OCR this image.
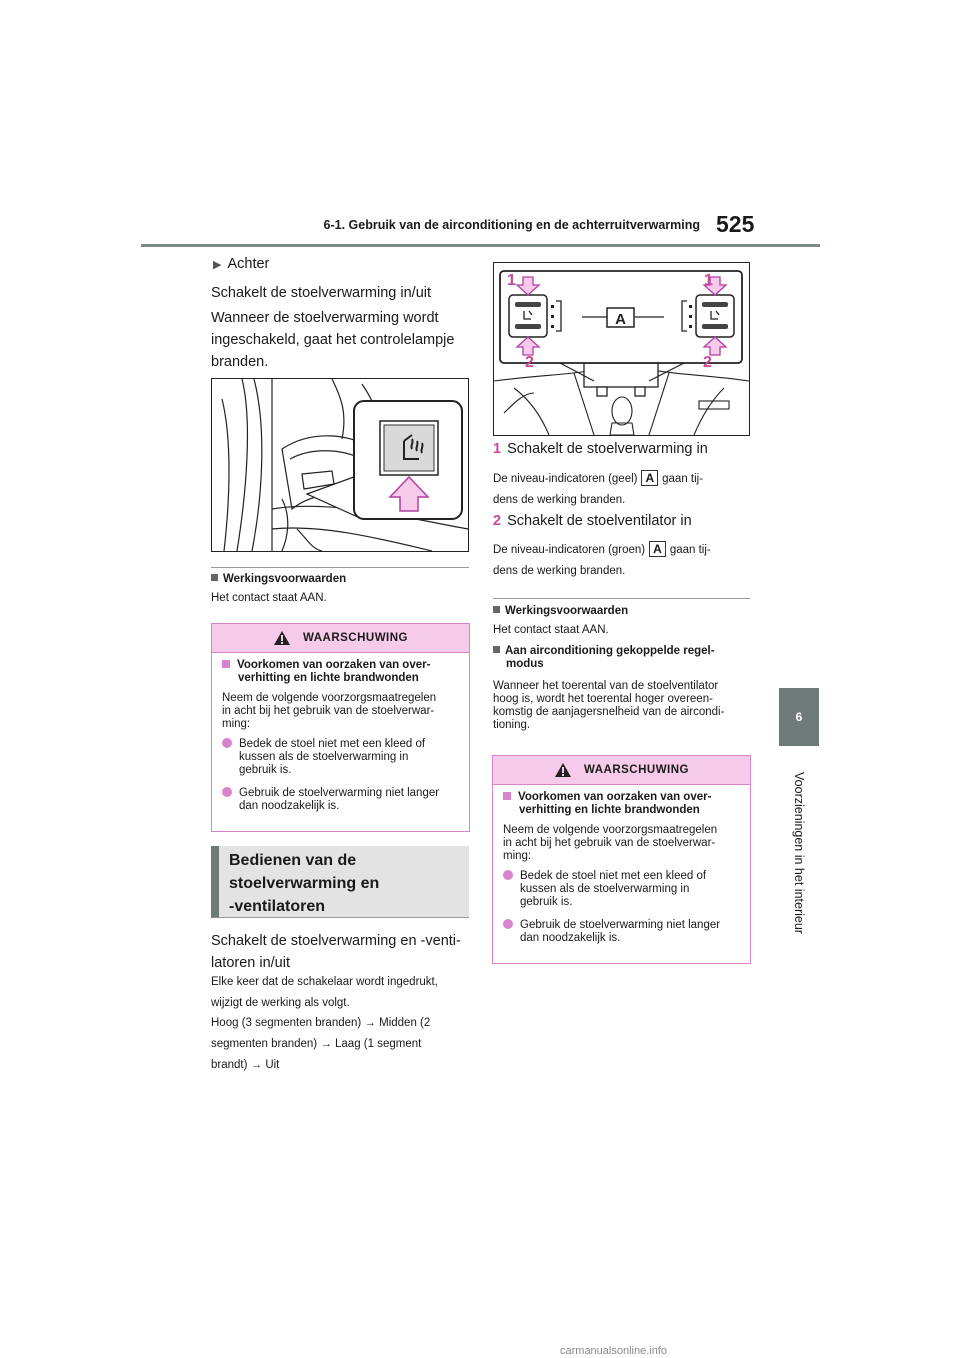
6-1. Gebruik van de airconditioning en de achterruitverwarming 525
6
Voorzieningen in het interieur
▶ Achter
Schakelt de stoelverwarming in/uit
Wanneer de stoelverwarming wordt
ingeschakeld, gaat het controlelampje
branden.
Werkingsvoorwaarden
Het contact staat AAN.
WAARSCHUWING
Voorkomen van oorzaken van over-
verhitting en lichte brandwonden
Neem de volgende voorzorgsmaatregelen
in acht bij het gebruik van de stoelverwar-
ming:
Bedek de stoel niet met een kleed of
kussen als de stoelverwarming in
gebruik is.
Gebruik de stoelverwarming niet langer
dan noodzakelijk is.
Bedienen van de
stoelverwarming en
-ventilatoren
Schakelt de stoelverwarming en -venti-
latoren in/uit
Elke keer dat de schakelaar wordt ingedrukt,
wijzigt de werking als volgt.
Hoog (3 segmenten branden) → Midden (2
segmenten branden) → Laag (1 segment
brandt) → Uit
A
1	1
2	2
1 Schakelt de stoelverwarming in
De niveau-indicatoren (geel) A gaan tij-
dens de werking branden.
2 Schakelt de stoelventilator in
De niveau-indicatoren (groen) A gaan tij-
dens de werking branden.
Werkingsvoorwaarden
Het contact staat AAN.
Aan airconditioning gekoppelde regel-
modus
Wanneer het toerental van de stoelventilator
hoog is, wordt het toerental hoger overeen-
komstig de aanjagersnelheid van de aircondi-
tioning.
WAARSCHUWING
Voorkomen van oorzaken van over-
verhitting en lichte brandwonden
Neem de volgende voorzorgsmaatregelen
in acht bij het gebruik van de stoelverwar-
ming:
Bedek de stoel niet met een kleed of
kussen als de stoelverwarming in
gebruik is.
Gebruik de stoelverwarming niet langer
dan noodzakelijk is.
carmanualsonline.info
